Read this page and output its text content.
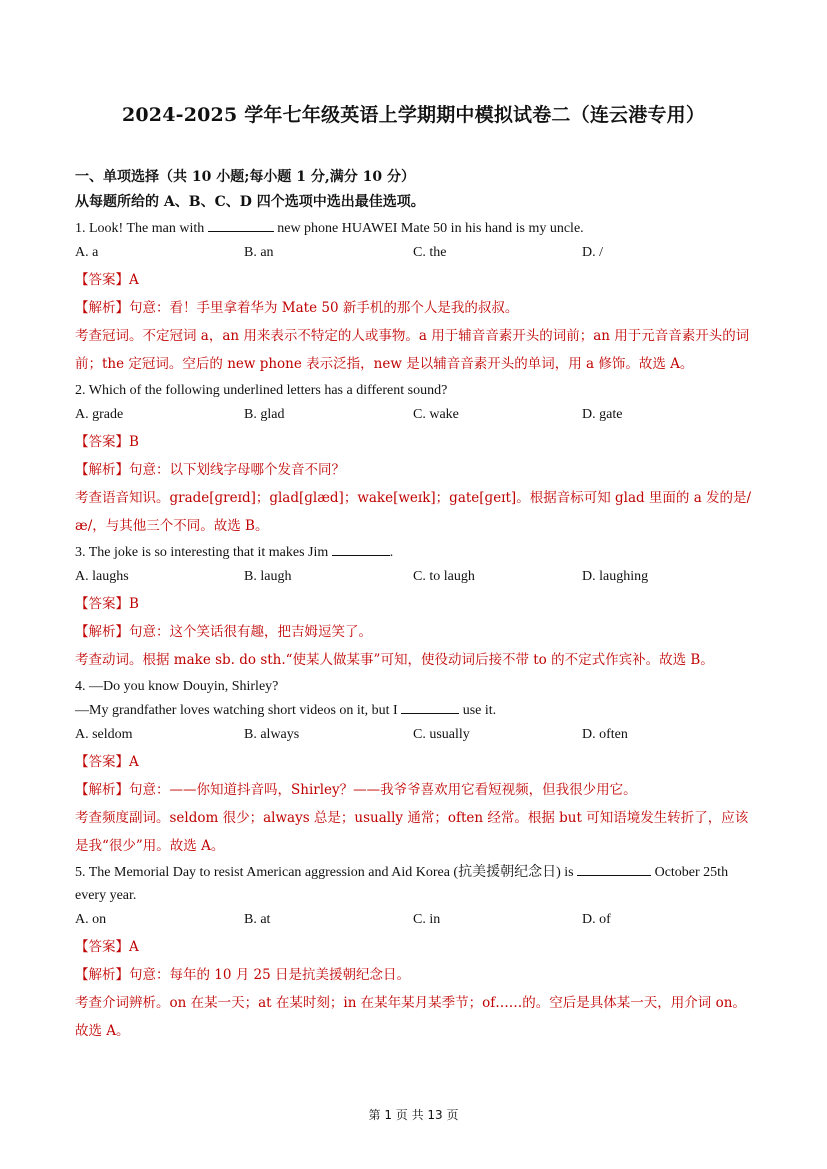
2024-2025 学年七年级英语上学期期中模拟试卷二（连云港专用）

一、单项选择（共 10 小题;每小题 1 分,满分 10 分）

从每题所给的 A、B、C、D 四个选项中选出最佳选项。

1. Look! The man with	new phone HUAWEI Mate 50 in his hand is my uncle.

A. a	B. an	C. the	D. /

【答案】A

【解析】句意：看！手里拿着华为 Mate 50 新手机的那个人是我的叔叔。

考查冠词。不定冠词 a，an 用来表示不特定的人或事物。a 用于辅音音素开头的词前；an 用于元音音素开头的词前；the 定冠词。空后的 new phone 表示泛指，new 是以辅音音素开头的单词，用 a 修饰。故选 A。

2. Which of the following underlined letters has a different sound?

A. grade	B. glad	C. wake	D. gate

【答案】B

【解析】句意：以下划线字母哪个发音不同？

考查语音知识。grade[ɡreɪd]；glad[ɡlæd]；wake[weɪk]；gate[ɡeɪt]。根据音标可知 glad 里面的 a 发的是/æ/，与其他三个不同。故选 B。

3. The joke is so interesting that it makes Jim	.

A. laughs	B. laugh	C. to laugh	D. laughing

【答案】B

【解析】句意：这个笑话很有趣，把吉姆逗笑了。

考查动词。根据 make sb. do sth.“使某人做某事”可知，使役动词后接不带 to 的不定式作宾补。故选 B。

4. —Do you know Douyin, Shirley?

—My grandfather loves watching short videos on it, but I	use it.

A. seldom	B. always	C. usually	D. often

【答案】A

【解析】句意：——你知道抖音吗，Shirley？——我爷爷喜欢用它看短视频，但我很少用它。

考查频度副词。seldom 很少；always 总是；usually 通常；often 经常。根据 but 可知语境发生转折了，应该是我“很少”用。故选 A。

5. The Memorial Day to resist American aggression and Aid Korea (抗美援朝纪念日) is	October 25th every year.

A. on	B. at	C. in	D. of

【答案】A

【解析】句意：每年的 10 月 25 日是抗美援朝纪念日。

考查介词辨析。on 在某一天；at 在某时刻；in 在某年某月某季节；of……的。空后是具体某一天，用介词 on。故选 A。

第 1 页 共 13 页
